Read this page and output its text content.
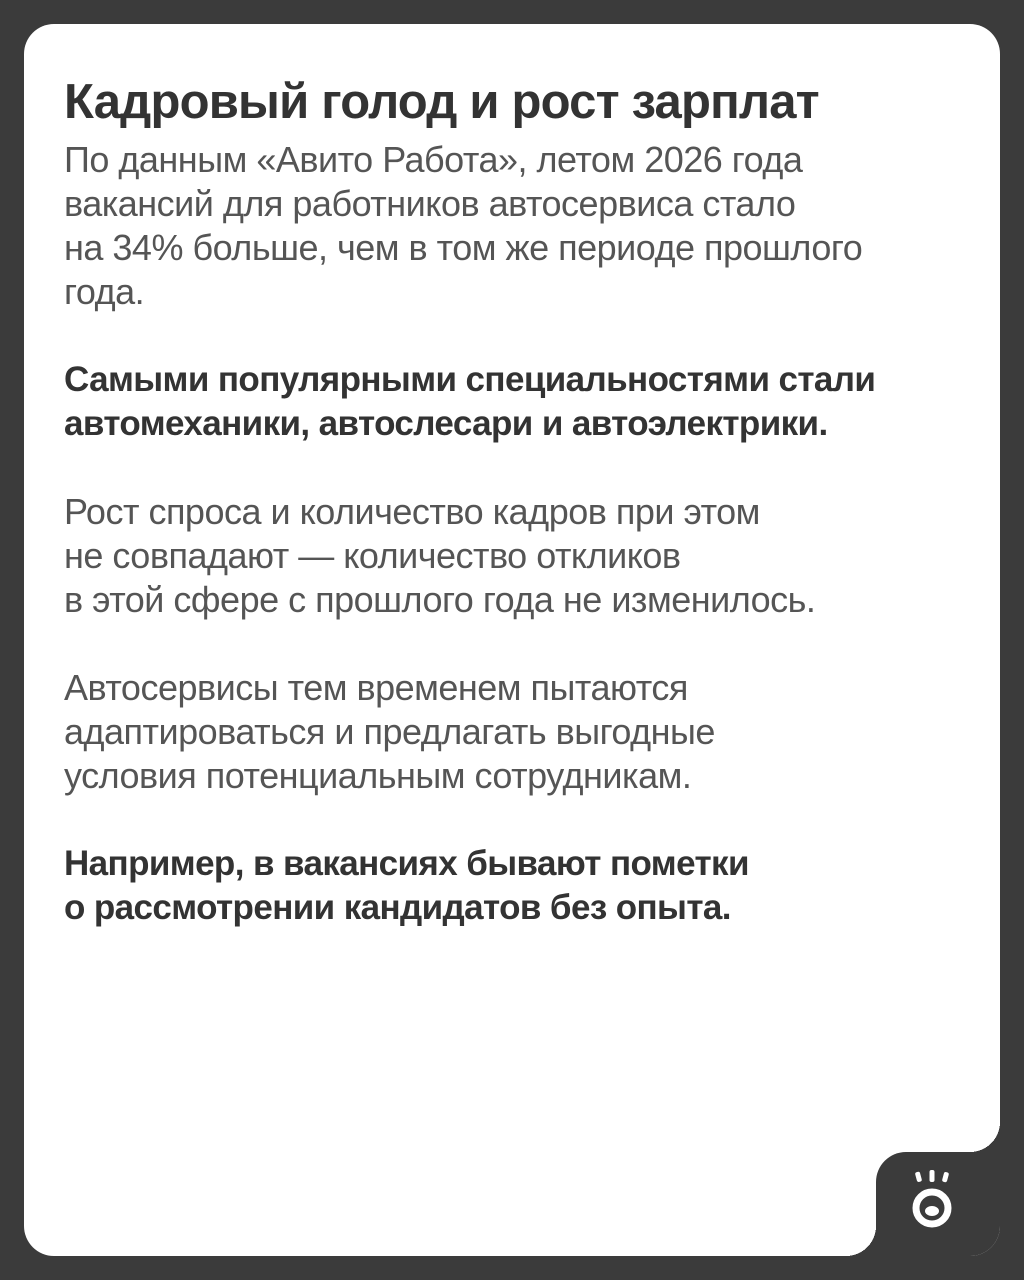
Кадровый голод и рост зарплат
По данным «Авито Работа», летом 2026 года
вакансий для работников автосервиса стало
на 34% больше, чем в том же периоде прошлого
года.
Самыми популярными специальностями стали
автомеханики, автослесари и автоэлектрики.
Рост спроса и количество кадров при этом
не совпадают — количество откликов
в этой сфере с прошлого года не изменилось.
Автосервисы тем временем пытаются
адаптироваться и предлагать выгодные
условия потенциальным сотрудникам.
Например, в вакансиях бывают пометки
о рассмотрении кандидатов без опыта.
